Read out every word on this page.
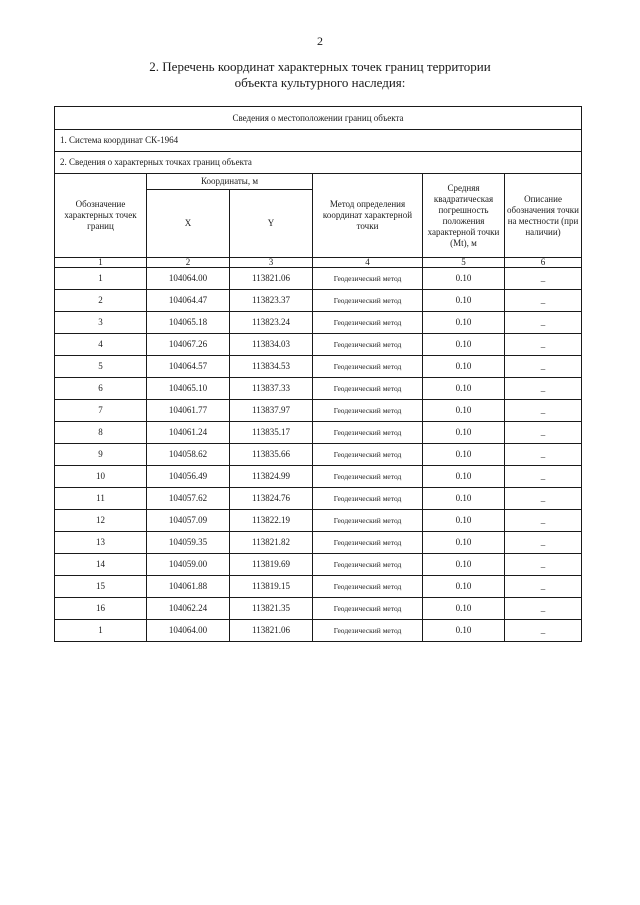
2
2. Перечень координат характерных точек границ территории
объекта культурного наследия:
Сведения о местоположении границ объекта					
1. Система координат СК-1964					
2. Сведения о характерных точках границ объекта					
Обозначение характерных точек границ	Координаты, м		Метод определения координат характерной точки	Средняя квадратическая погрешность положения характерной точки (Mt), м	Описание обозначения точки на местности (при наличии)
	X	Y			
1	2	3	4	5	6
1	104064.00	113821.06	Геодезический метод	0.10	–
2	104064.47	113823.37	Геодезический метод	0.10	–
3	104065.18	113823.24	Геодезический метод	0.10	–
4	104067.26	113834.03	Геодезический метод	0.10	–
5	104064.57	113834.53	Геодезический метод	0.10	–
6	104065.10	113837.33	Геодезический метод	0.10	–
7	104061.77	113837.97	Геодезический метод	0.10	–
8	104061.24	113835.17	Геодезический метод	0.10	–
9	104058.62	113835.66	Геодезический метод	0.10	–
10	104056.49	113824.99	Геодезический метод	0.10	–
11	104057.62	113824.76	Геодезический метод	0.10	–
12	104057.09	113822.19	Геодезический метод	0.10	–
13	104059.35	113821.82	Геодезический метод	0.10	–
14	104059.00	113819.69	Геодезический метод	0.10	–
15	104061.88	113819.15	Геодезический метод	0.10	–
16	104062.24	113821.35	Геодезический метод	0.10	–
1	104064.00	113821.06	Геодезический метод	0.10	–
